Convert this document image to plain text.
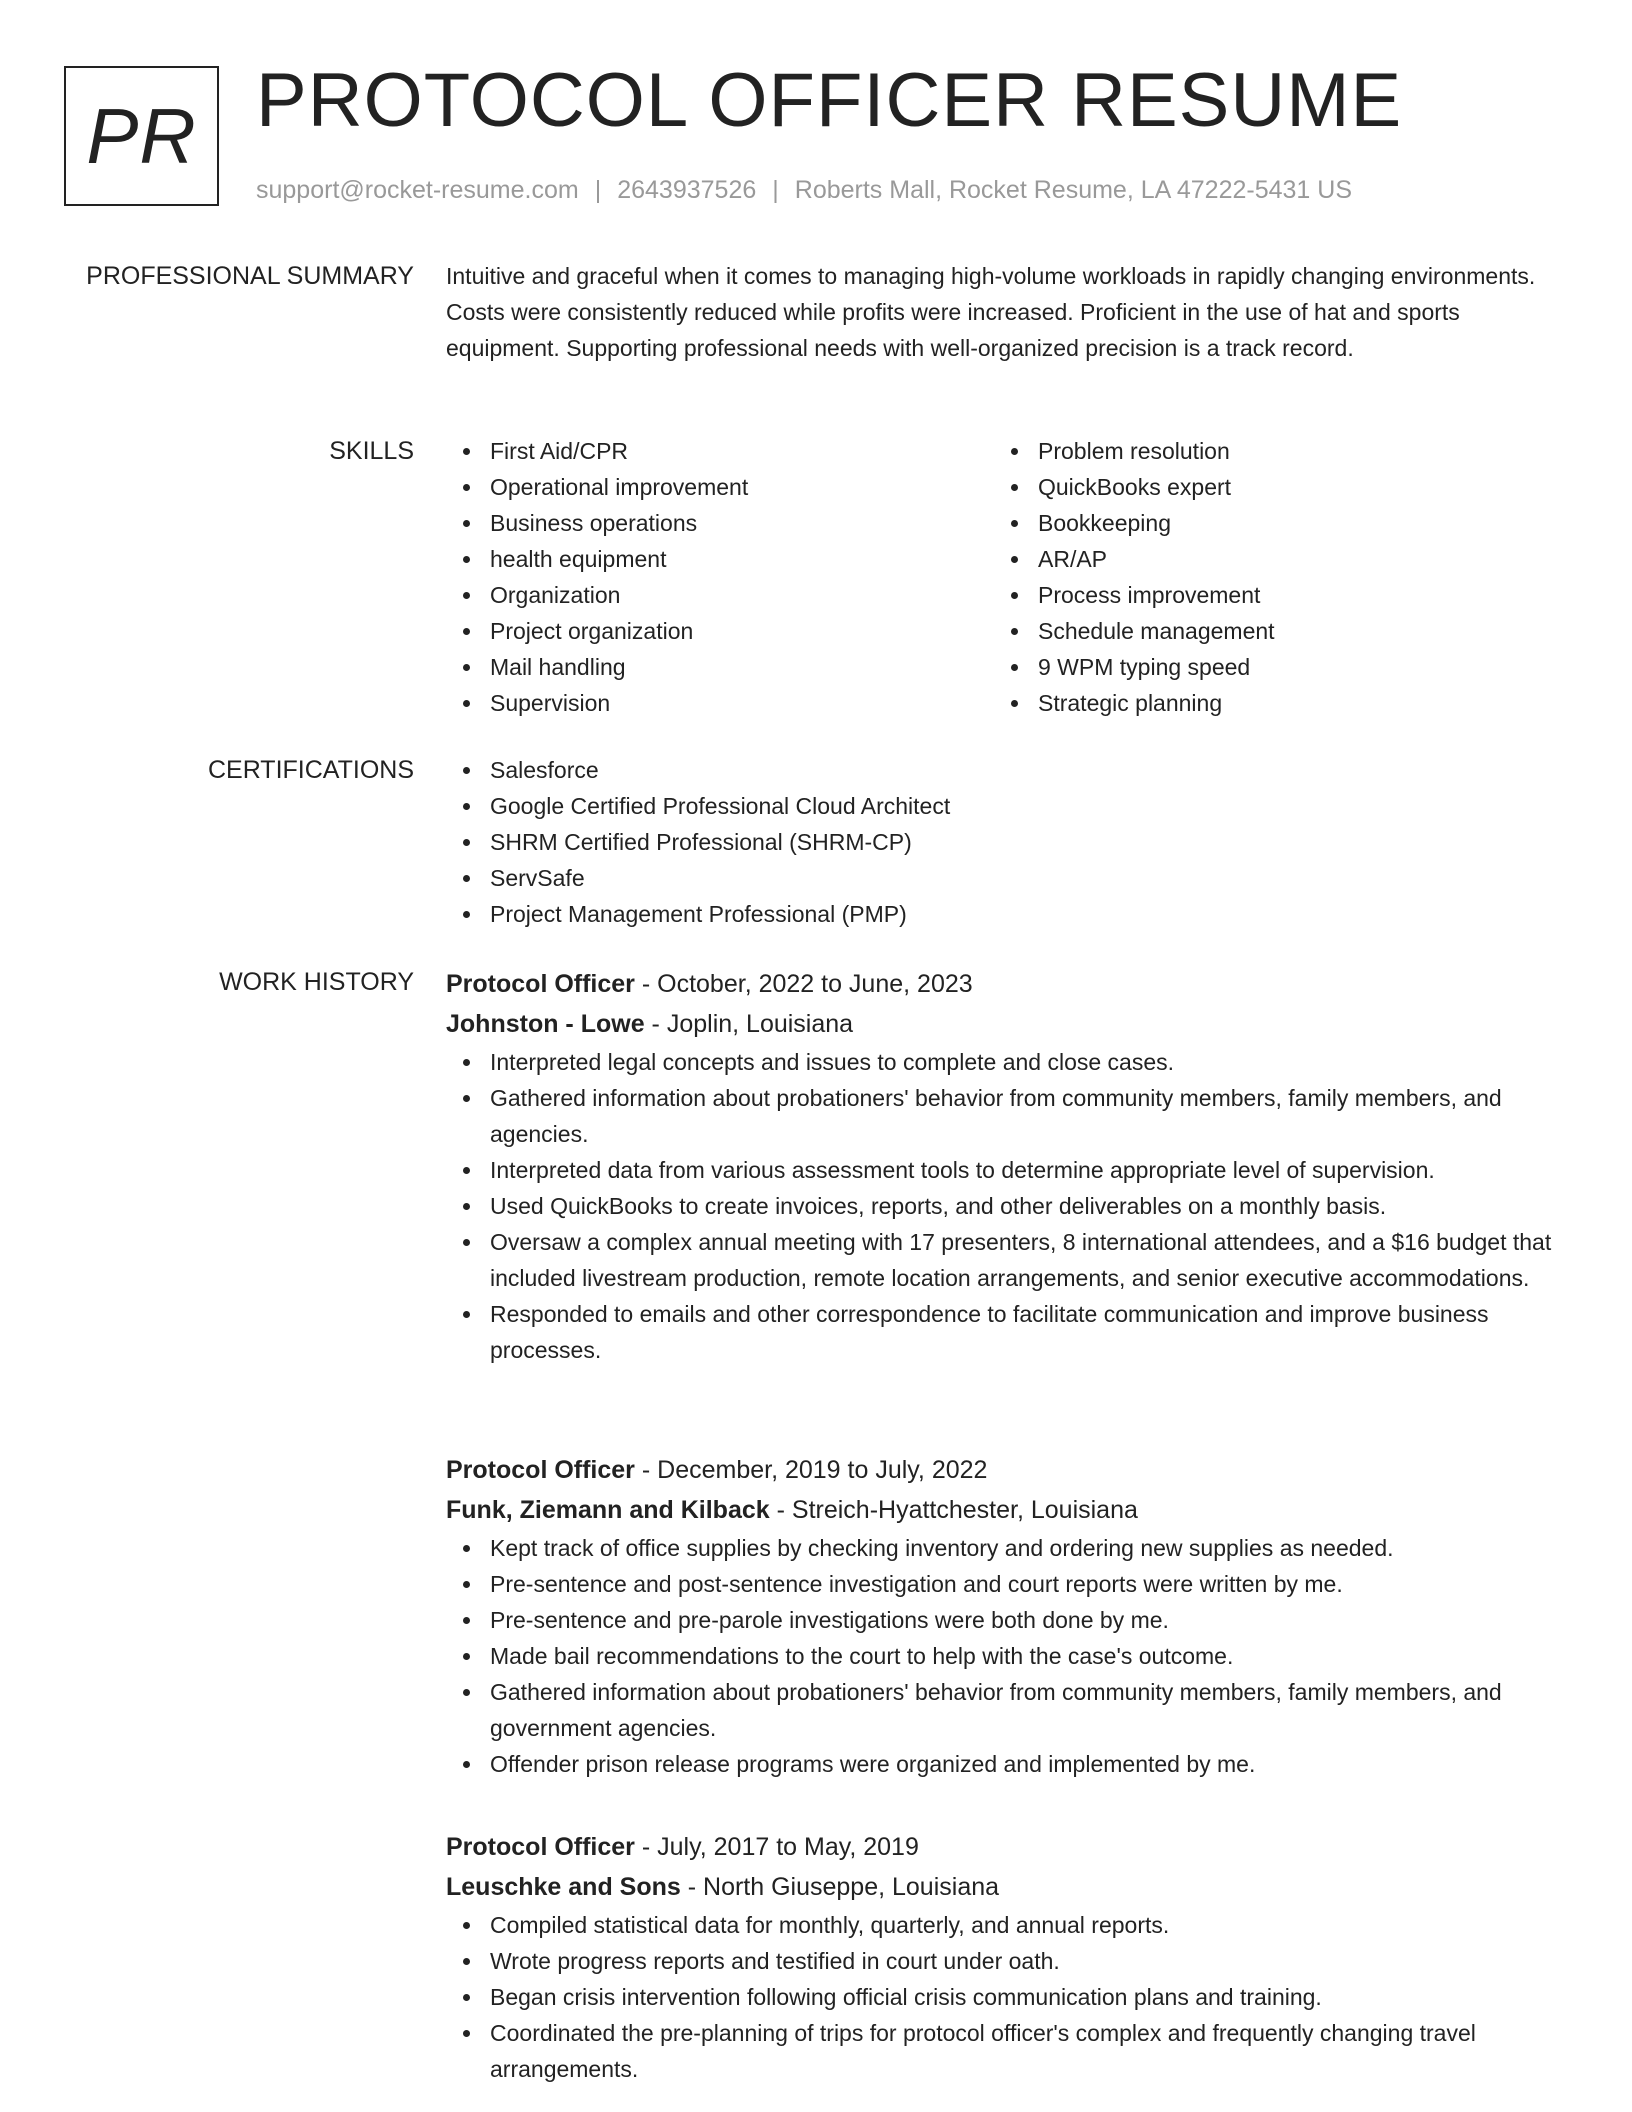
PR PROTOCOL OFFICER RESUME
support@rocket-resume.com | 2643937526 | Roberts Mall, Rocket Resume, LA 47222-5431 US
PROFESSIONAL SUMMARY Intuitive and graceful when it comes to managing high-volume workloads in rapidly changing environments. Costs were consistently reduced while profits were increased. Proficient in the use of hat and sports equipment. Supporting professional needs with well-organized precision is a track record.

SKILLS	First Aid/CPR
Operational improvement
Business operations
health equipment
Organization
Project organization
Mail handling
Supervision
Problem resolution
QuickBooks expert
Bookkeeping
AR/AP
Process improvement
Schedule management
9 WPM typing speed
Strategic planning
CERTIFICATIONS	Salesforce
Google Certified Professional Cloud Architect
SHRM Certified Professional (SHRM-CP)
ServSafe
Project Management Professional (PMP)
WORK HISTORY Protocol Officer - October, 2022 to June, 2023
Johnston - Lowe - Joplin, Louisiana
Interpreted legal concepts and issues to complete and close cases.
Gathered information about probationers' behavior from community members, family members, and agencies.
Interpreted data from various assessment tools to determine appropriate level of supervision.
Used QuickBooks to create invoices, reports, and other deliverables on a monthly basis.
Oversaw a complex annual meeting with 17 presenters, 8 international attendees, and a $16 budget that included livestream production, remote location arrangements, and senior executive accommodations.
Responded to emails and other correspondence to facilitate communication and improve business processes.
Protocol Officer - December, 2019 to July, 2022
Funk, Ziemann and Kilback - Streich-Hyattchester, Louisiana
Kept track of office supplies by checking inventory and ordering new supplies as needed.
Pre-sentence and post-sentence investigation and court reports were written by me.
Pre-sentence and pre-parole investigations were both done by me.
Made bail recommendations to the court to help with the case's outcome.
Gathered information about probationers' behavior from community members, family members, and government agencies.
Offender prison release programs were organized and implemented by me.
Protocol Officer - July, 2017 to May, 2019
Leuschke and Sons - North Giuseppe, Louisiana
Compiled statistical data for monthly, quarterly, and annual reports.
Wrote progress reports and testified in court under oath.
Began crisis intervention following official crisis communication plans and training.
Coordinated the pre-planning of trips for protocol officer's complex and frequently changing travel arrangements.
